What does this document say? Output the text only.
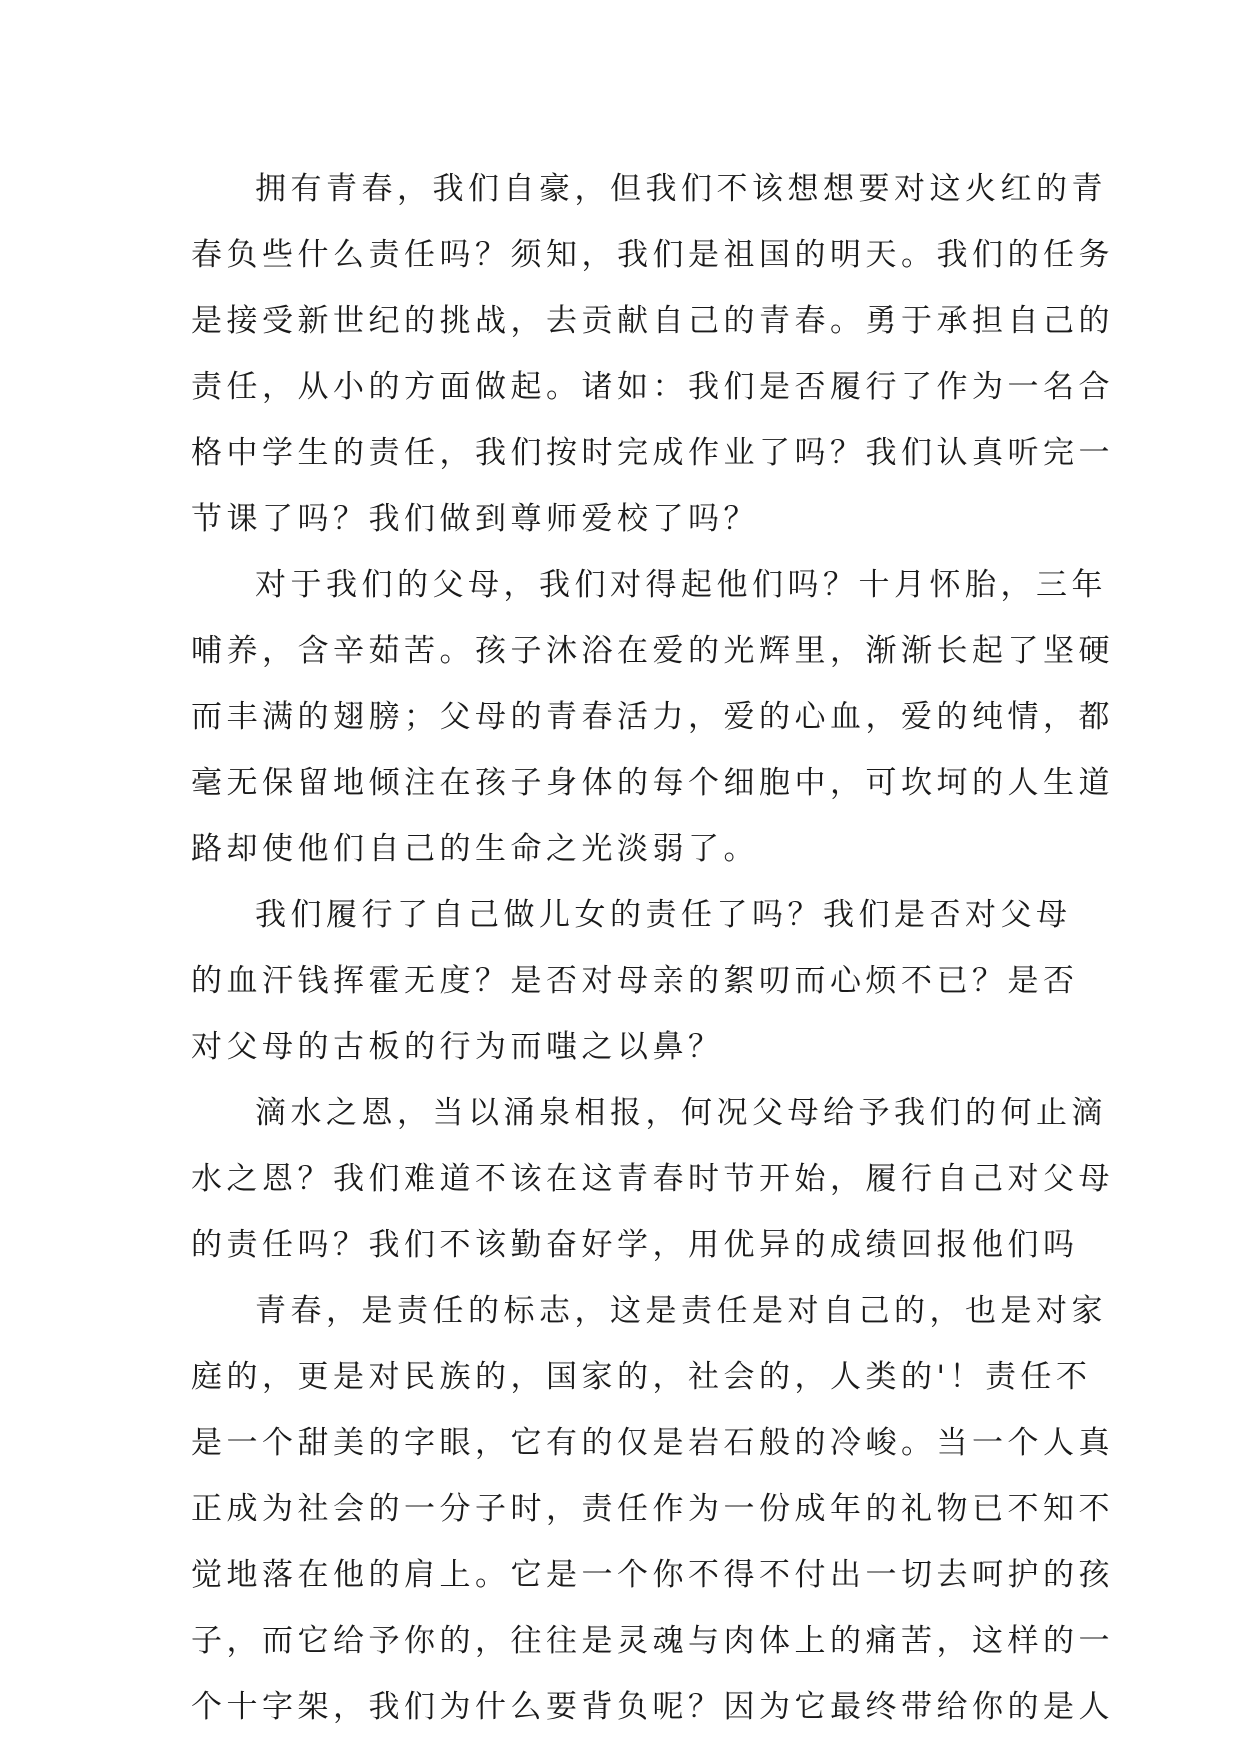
拥有青春，我们自豪，但我们不该想想要对这火红的青
春负些什么责任吗？须知，我们是祖国的明天。我们的任务
是接受新世纪的挑战，去贡献自己的青春。勇于承担自己的
责任，从小的方面做起。诸如：我们是否履行了作为一名合
格中学生的责任，我们按时完成作业了吗？我们认真听完一
节课了吗？我们做到尊师爱校了吗？
对于我们的父母，我们对得起他们吗？十月怀胎，三年
哺养，含辛茹苦。孩子沐浴在爱的光辉里，渐渐长起了坚硬
而丰满的翅膀；父母的青春活力，爱的心血，爱的纯情，都
毫无保留地倾注在孩子身体的每个细胞中，可坎坷的人生道
路却使他们自己的生命之光淡弱了。
我们履行了自己做儿女的责任了吗？我们是否对父母
的血汗钱挥霍无度？是否对母亲的絮叨而心烦不已？是否
对父母的古板的行为而嗤之以鼻？
滴水之恩，当以涌泉相报，何况父母给予我们的何止滴
水之恩？我们难道不该在这青春时节开始，履行自己对父母
的责任吗？我们不该勤奋好学，用优异的成绩回报他们吗
青春，是责任的标志，这是责任是对自己的，也是对家
庭的，更是对民族的，国家的，社会的，人类的'！责任不
是一个甜美的字眼，它有的仅是岩石般的冷峻。当一个人真
正成为社会的一分子时，责任作为一份成年的礼物已不知不
觉地落在他的肩上。它是一个你不得不付出一切去呵护的孩
子，而它给予你的，往往是灵魂与肉体上的痛苦，这样的一
个十字架，我们为什么要背负呢？因为它最终带给你的是人
